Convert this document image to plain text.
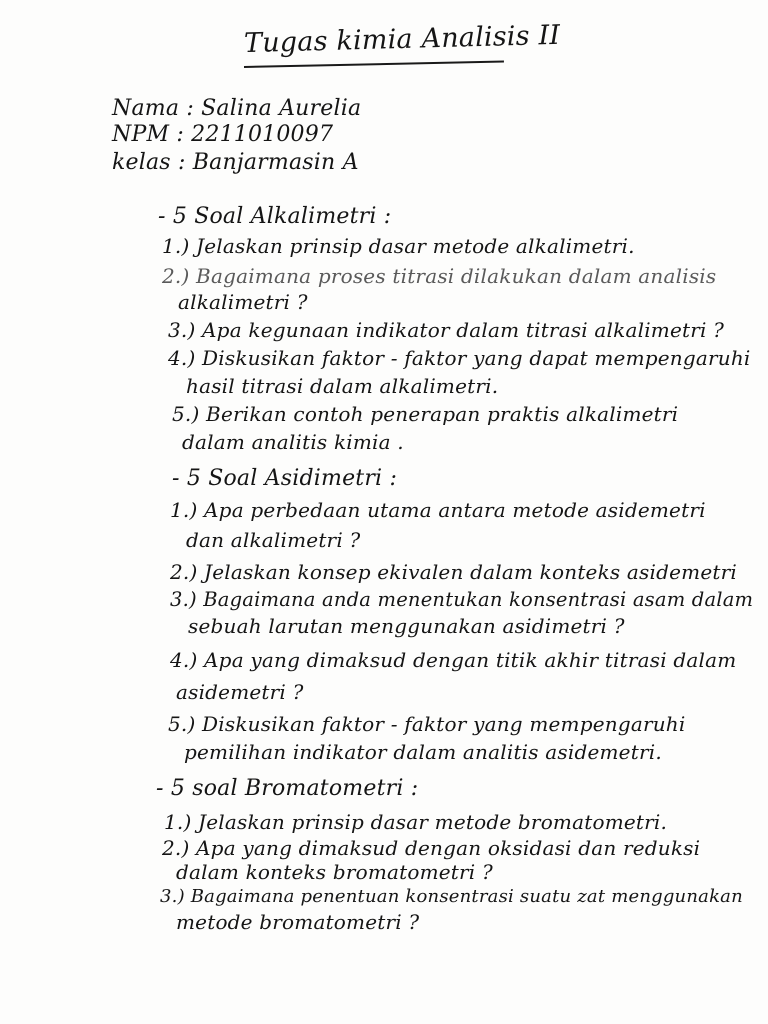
Tugas kimia Analisis II
Nama : Salina Aurelia
NPM : 2211010097
kelas : Banjarmasin A
- 5 Soal Alkalimetri :
1.) Jelaskan prinsip dasar metode alkalimetri.
2.) Bagaimana proses titrasi dilakukan dalam analisis
alkalimetri ?
3.) Apa kegunaan indikator dalam titrasi alkalimetri ?
4.) Diskusikan faktor - faktor yang dapat mempengaruhi
hasil titrasi dalam alkalimetri.
5.) Berikan contoh penerapan praktis alkalimetri
dalam analitis kimia .
- 5 Soal Asidimetri :
1.) Apa perbedaan utama antara metode asidemetri
dan alkalimetri ?
2.) Jelaskan konsep ekivalen dalam konteks asidemetri
3.) Bagaimana anda menentukan konsentrasi asam dalam
sebuah larutan menggunakan asidimetri ?
4.) Apa yang dimaksud dengan titik akhir titrasi dalam
asidemetri ?
5.) Diskusikan faktor - faktor yang mempengaruhi
pemilihan indikator dalam analitis asidemetri.
- 5 soal Bromatometri :
1.) Jelaskan prinsip dasar metode bromatometri.
2.) Apa yang dimaksud dengan oksidasi dan reduksi
dalam konteks bromatometri ?
3.) Bagaimana penentuan konsentrasi suatu zat menggunakan
metode bromatometri ?
